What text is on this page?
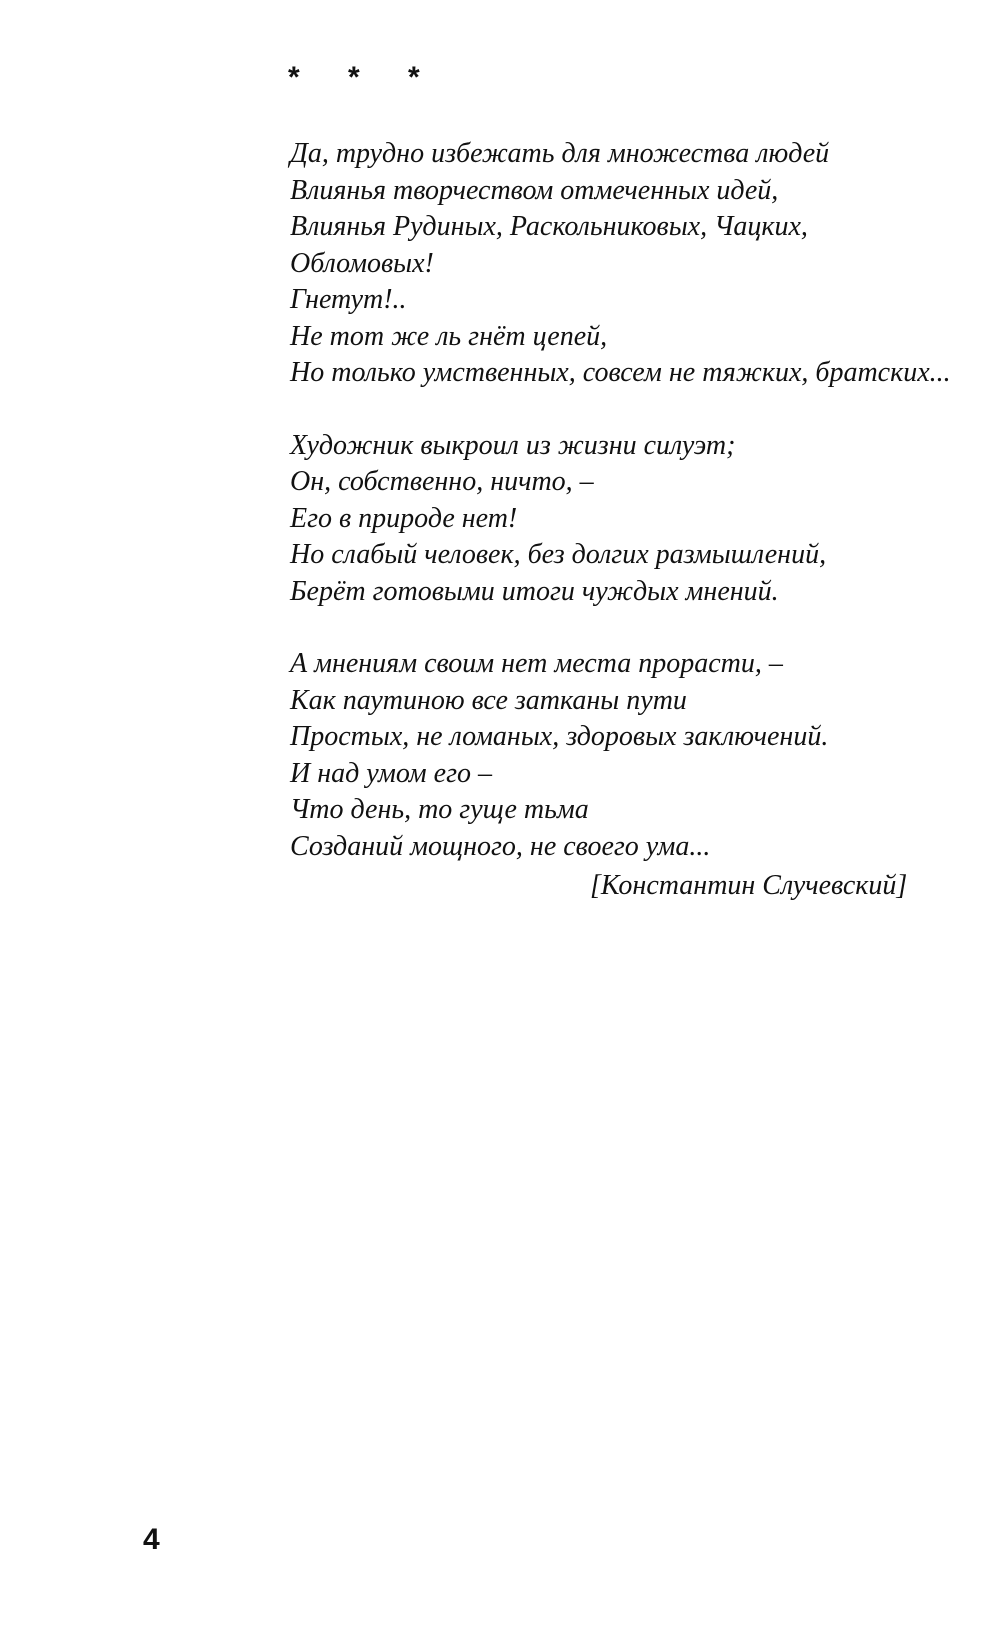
* * *
Да, трудно избежать для множества людей
Влиянья творчеством отмеченных идей,
Влиянья Рудиных, Раскольниковых, Чацких,
Обломовых!
Гнетут!..
Не тот же ль гнёт цепей,
Но только умственных, совсем не тяжких, братских...
Художник выкроил из жизни силуэт;
Он, собственно, ничто, –
Его в природе нет!
Но слабый человек, без долгих размышлений,
Берёт готовыми итоги чуждых мнений.
А мнениям своим нет места прорасти, –
Как паутиною все затканы пути
Простых, не ломаных, здоровых заключений.
И над умом его –
Что день, то гуще тьма
Созданий мощного, не своего ума...
[Константин Случевский]
4
